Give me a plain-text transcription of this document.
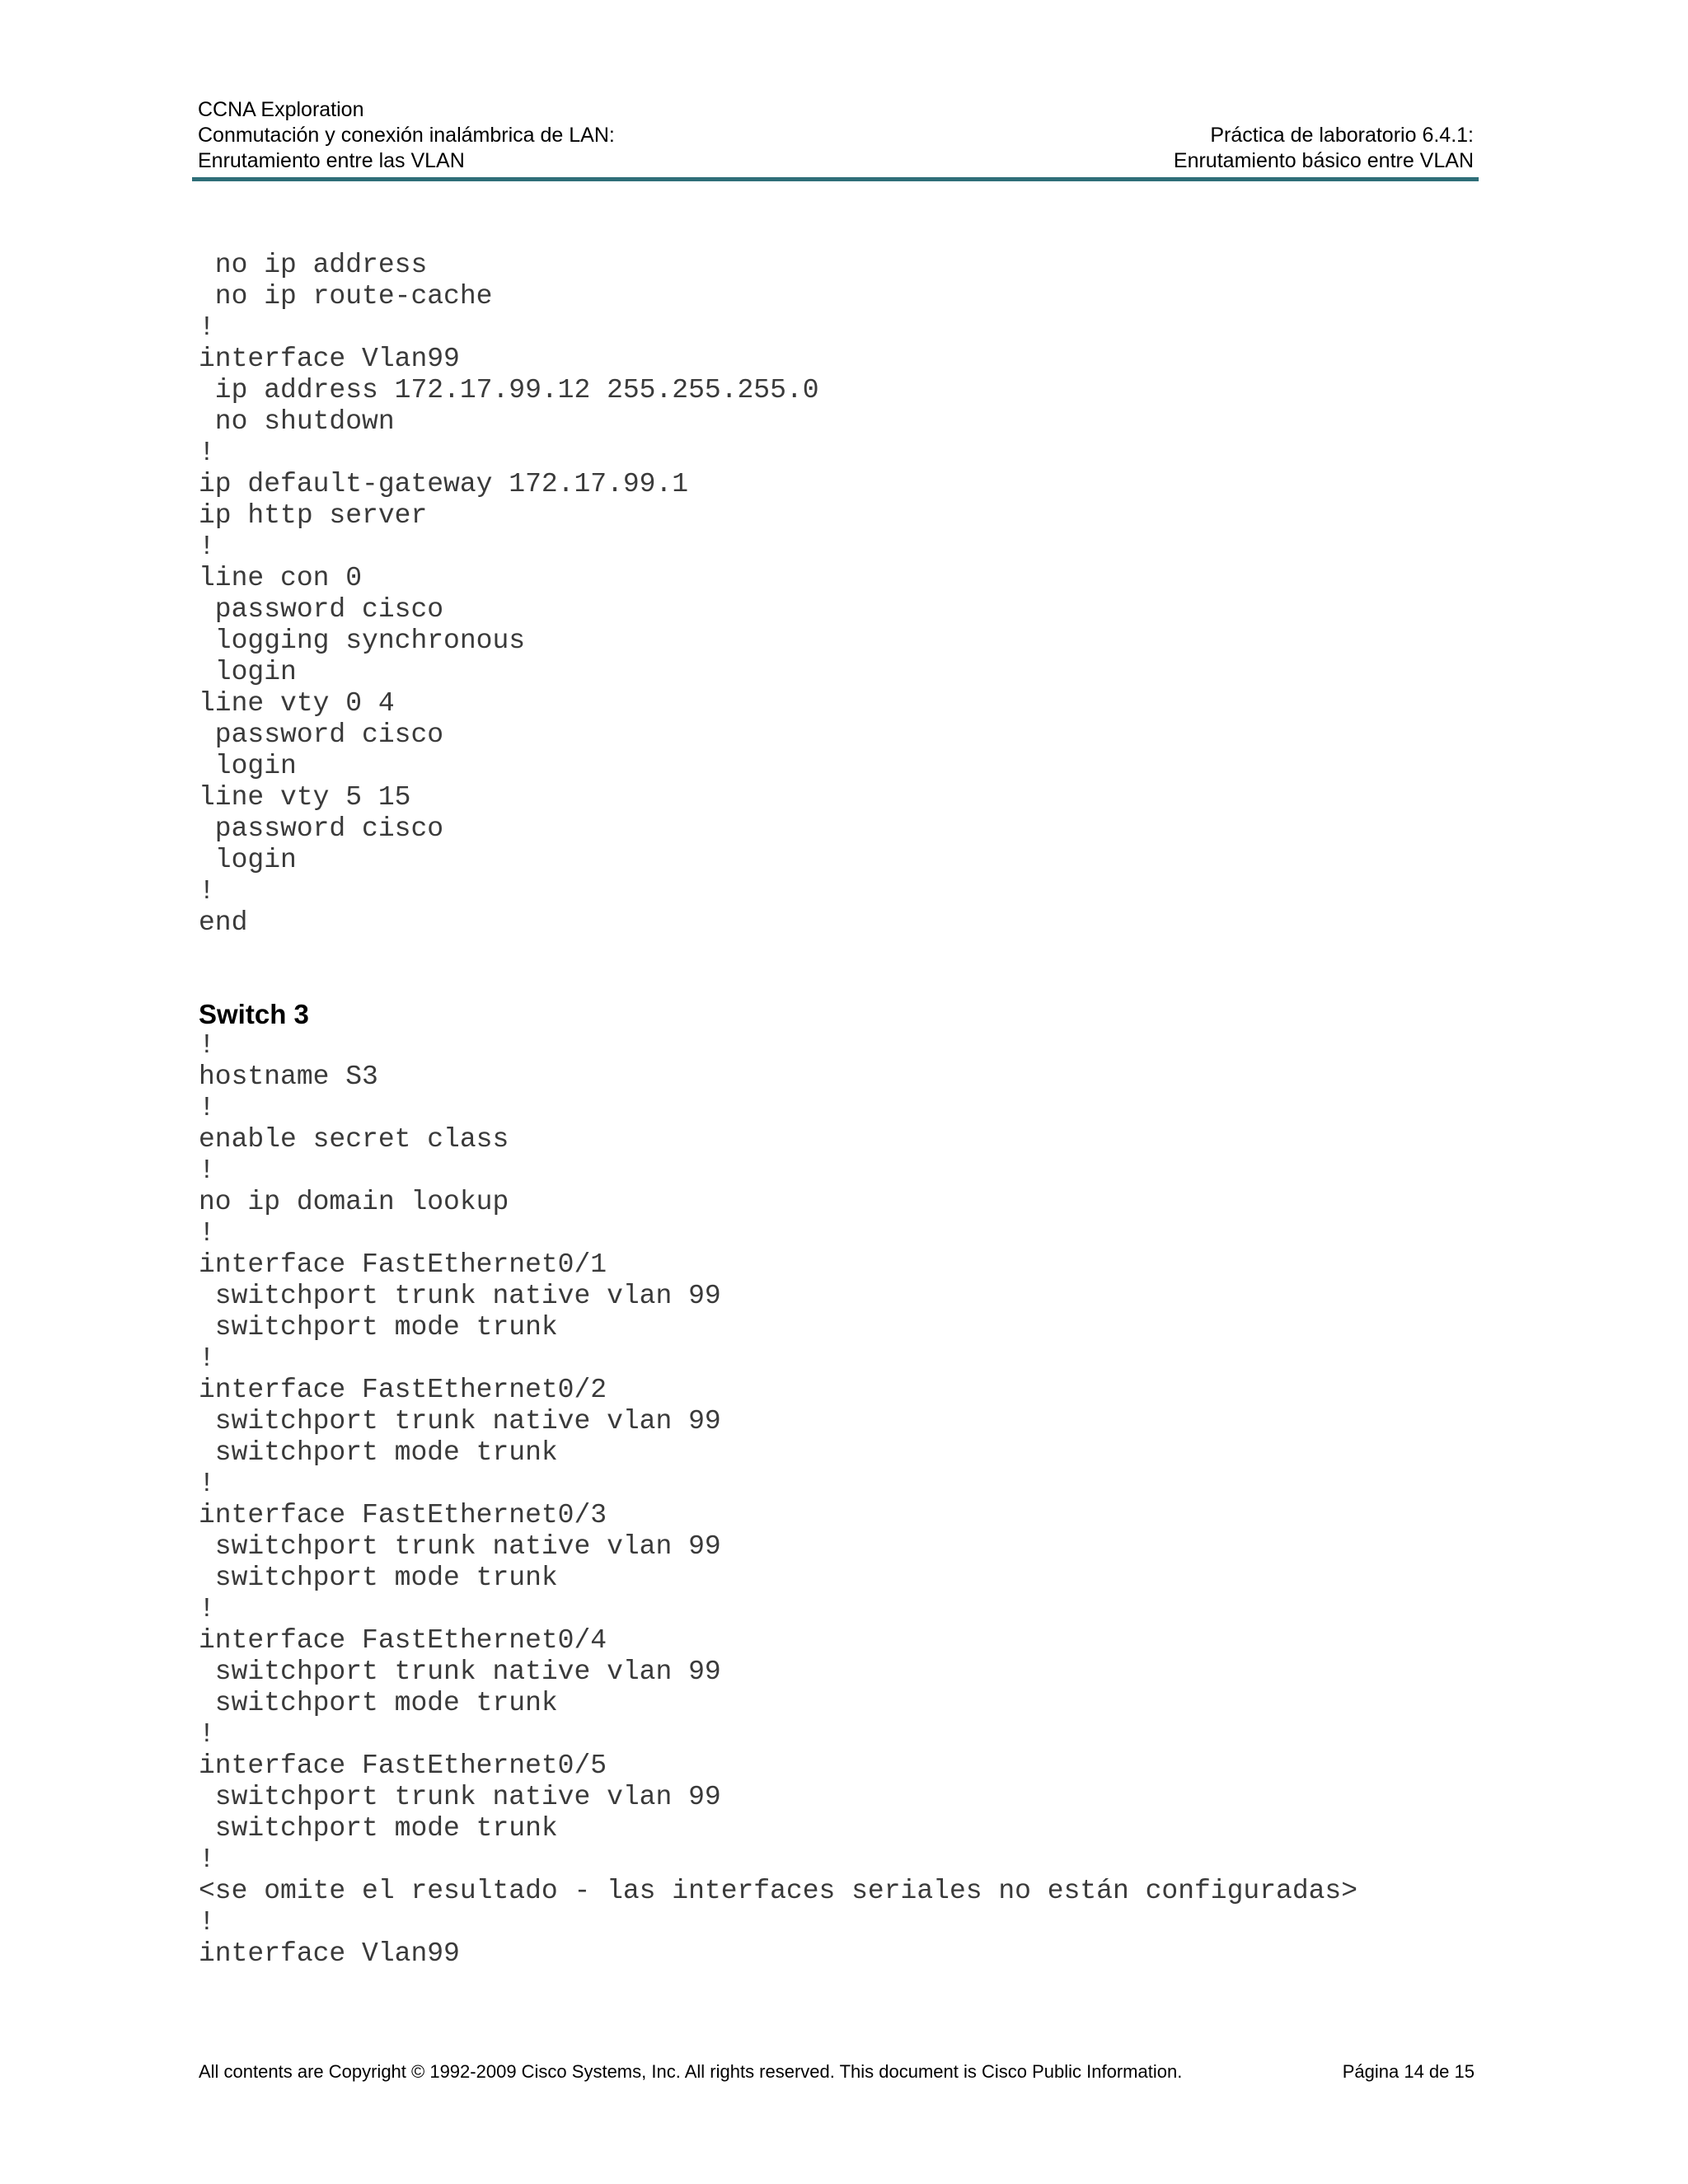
CCNA Exploration
Conmutación y conexión inalámbrica de LAN:
Enrutamiento entre las VLAN
Práctica de laboratorio 6.4.1:
Enrutamiento básico entre VLAN
no ip address
no ip route-cache
!
interface Vlan99
ip address 172.17.99.12 255.255.255.0
no shutdown
!
ip default-gateway 172.17.99.1
ip http server
!
line con 0
password cisco
logging synchronous
login
line vty 0 4
password cisco
login
line vty 5 15
password cisco
login
!
end
Switch 3
!
hostname S3
!
enable secret class
!
no ip domain lookup
!
interface FastEthernet0/1
switchport trunk native vlan 99
switchport mode trunk
!
interface FastEthernet0/2
switchport trunk native vlan 99
switchport mode trunk
!
interface FastEthernet0/3
switchport trunk native vlan 99
switchport mode trunk
!
interface FastEthernet0/4
switchport trunk native vlan 99
switchport mode trunk
!
interface FastEthernet0/5
switchport trunk native vlan 99
switchport mode trunk
!
<se omite el resultado - las interfaces seriales no están configuradas>
!
interface Vlan99
All contents are Copyright © 1992-2009 Cisco Systems, Inc. All rights reserved. This document is Cisco Public Information.	Página 14 de 15
